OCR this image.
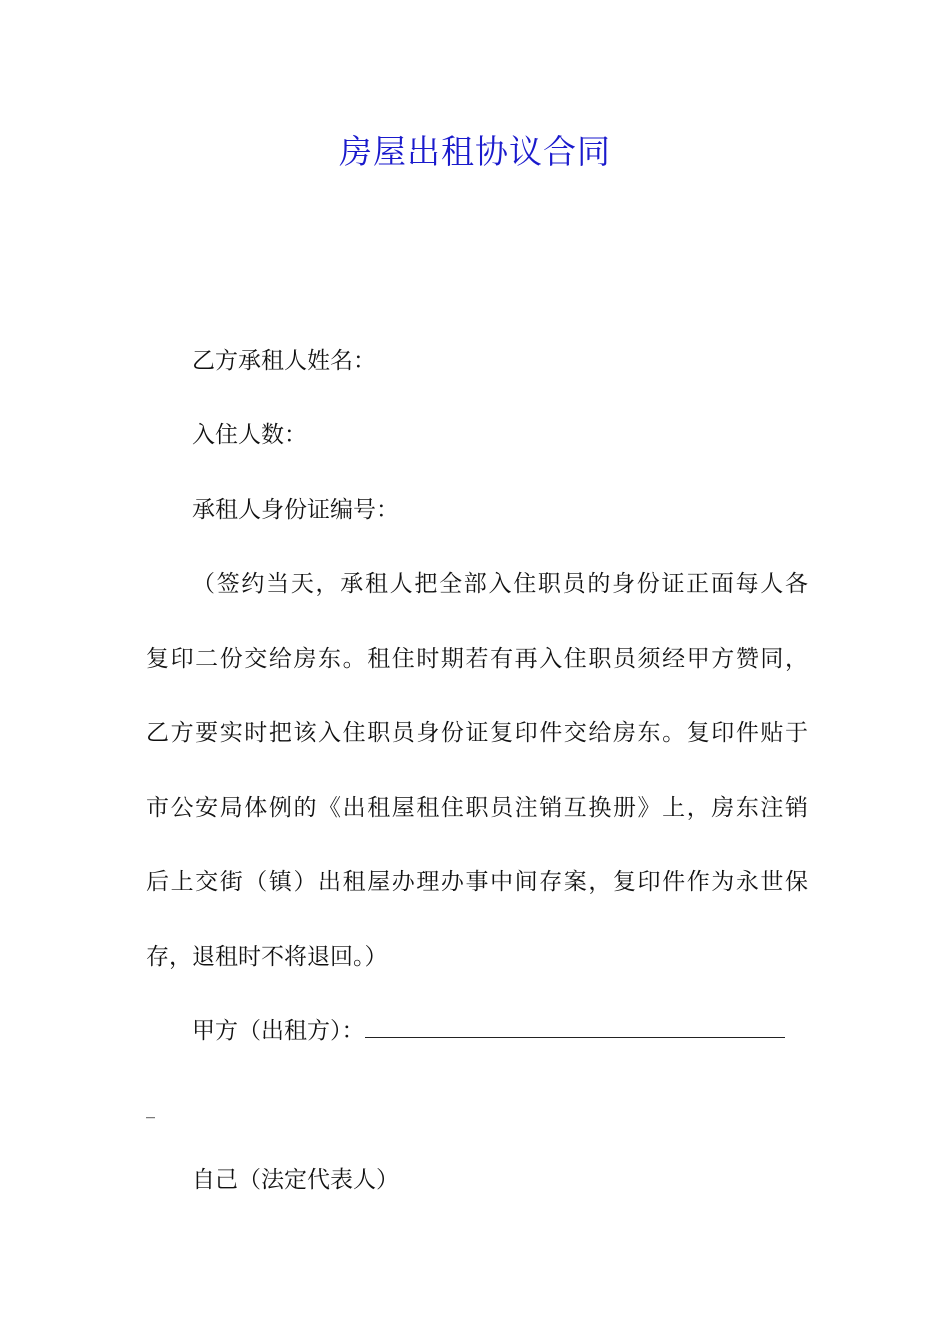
房屋出租协议合同
乙方承租人姓名：
入住人数：
承租人身份证编号：
（签约当天，承租人把全部入住职员的身份证正面每人各
复印二份交给房东。租住时期若有再入住职员须经甲方赞同，
乙方要实时把该入住职员身份证复印件交给房东。复印件贴于
市公安局体例的《出租屋租住职员注销互换册》上，房东注销
后上交街（镇）出租屋办理办事中间存案，复印件作为永世保
存，退租时不将退回。）
甲方（出租方）：
_
自己（法定代表人）
